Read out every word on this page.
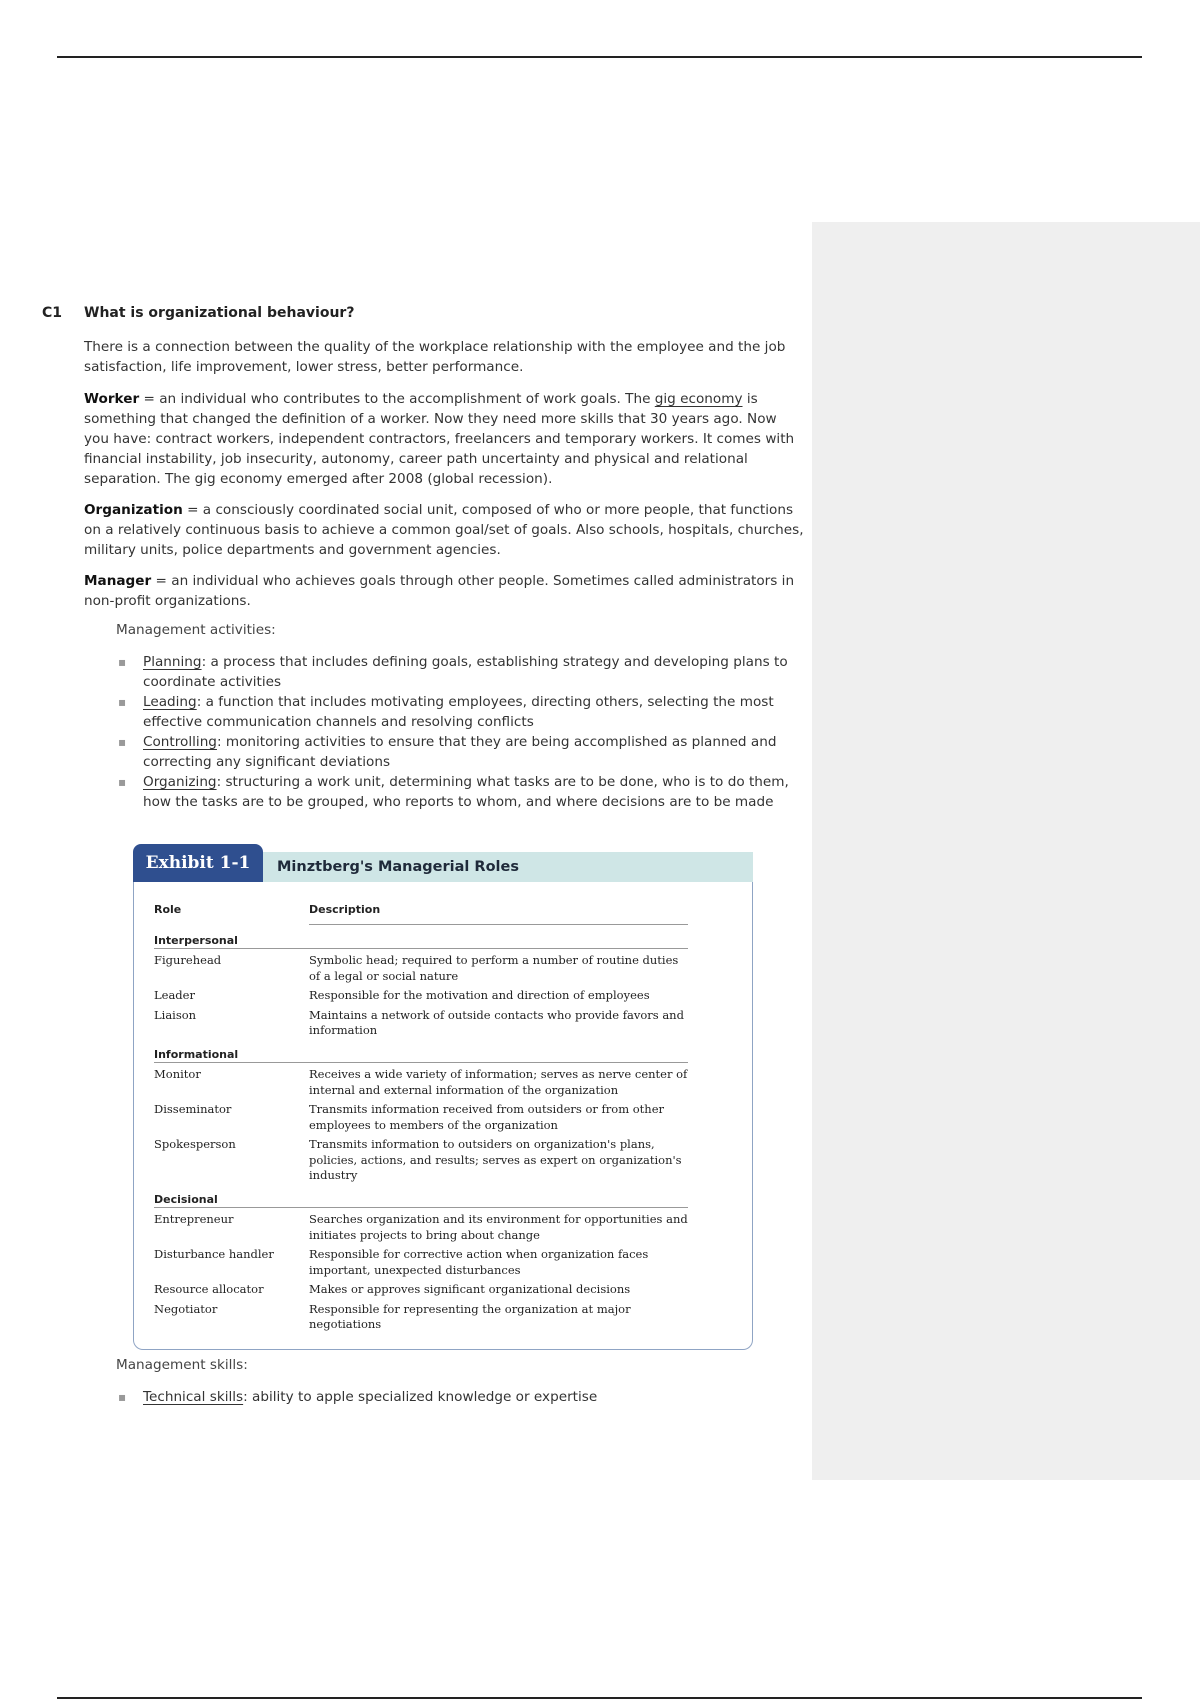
C1 What is organizational behaviour?

There is a connection between the quality of the workplace relationship with the employee and the job satisfaction, life improvement, lower stress, better performance.

Worker = an individual who contributes to the accomplishment of work goals. The gig economy is something that changed the definition of a worker. Now they need more skills that 30 years ago. Now you have: contract workers, independent contractors, freelancers and temporary workers. It comes with financial instability, job insecurity, autonomy, career path uncertainty and physical and relational separation. The gig economy emerged after 2008 (global recession).

Organization = a consciously coordinated social unit, composed of who or more people, that functions on a relatively continuous basis to achieve a common goal/set of goals. Also schools, hospitals, churches, military units, police departments and government agencies.

Manager = an individual who achieves goals through other people. Sometimes called administrators in non-profit organizations.

Management activities:
▪ Planning: a process that includes defining goals, establishing strategy and developing plans to coordinate activities
▪ Leading: a function that includes motivating employees, directing others, selecting the most effective communication channels and resolving conflicts
▪ Controlling: monitoring activities to ensure that they are being accomplished as planned and correcting any significant deviations
▪ Organizing: structuring a work unit, determining what tasks are to be done, who is to do them, how the tasks are to be grouped, who reports to whom, and where decisions are to be made
Exhibit 1-1	Minztberg's Managerial Roles
Role	Description
Interpersonal	
Figurehead	Symbolic head; required to perform a number of routine duties of a legal or social nature
Leader	Responsible for the motivation and direction of employees
Liaison	Maintains a network of outside contacts who provide favors and information
Informational	
Monitor	Receives a wide variety of information; serves as nerve center of internal and external information of the organization
Disseminator	Transmits information received from outsiders or from other employees to members of the organization
Spokesperson	Transmits information to outsiders on organization's plans, policies, actions, and results; serves as expert on organization's industry
Decisional	
Entrepreneur	Searches organization and its environment for opportunities and initiates projects to bring about change
Disturbance handler	Responsible for corrective action when organization faces important, unexpected disturbances
Resource allocator	Makes or approves significant organizational decisions
Negotiator	Responsible for representing the organization at major negotiations
Management skills:
▪ Technical skills: ability to apple specialized knowledge or expertise
